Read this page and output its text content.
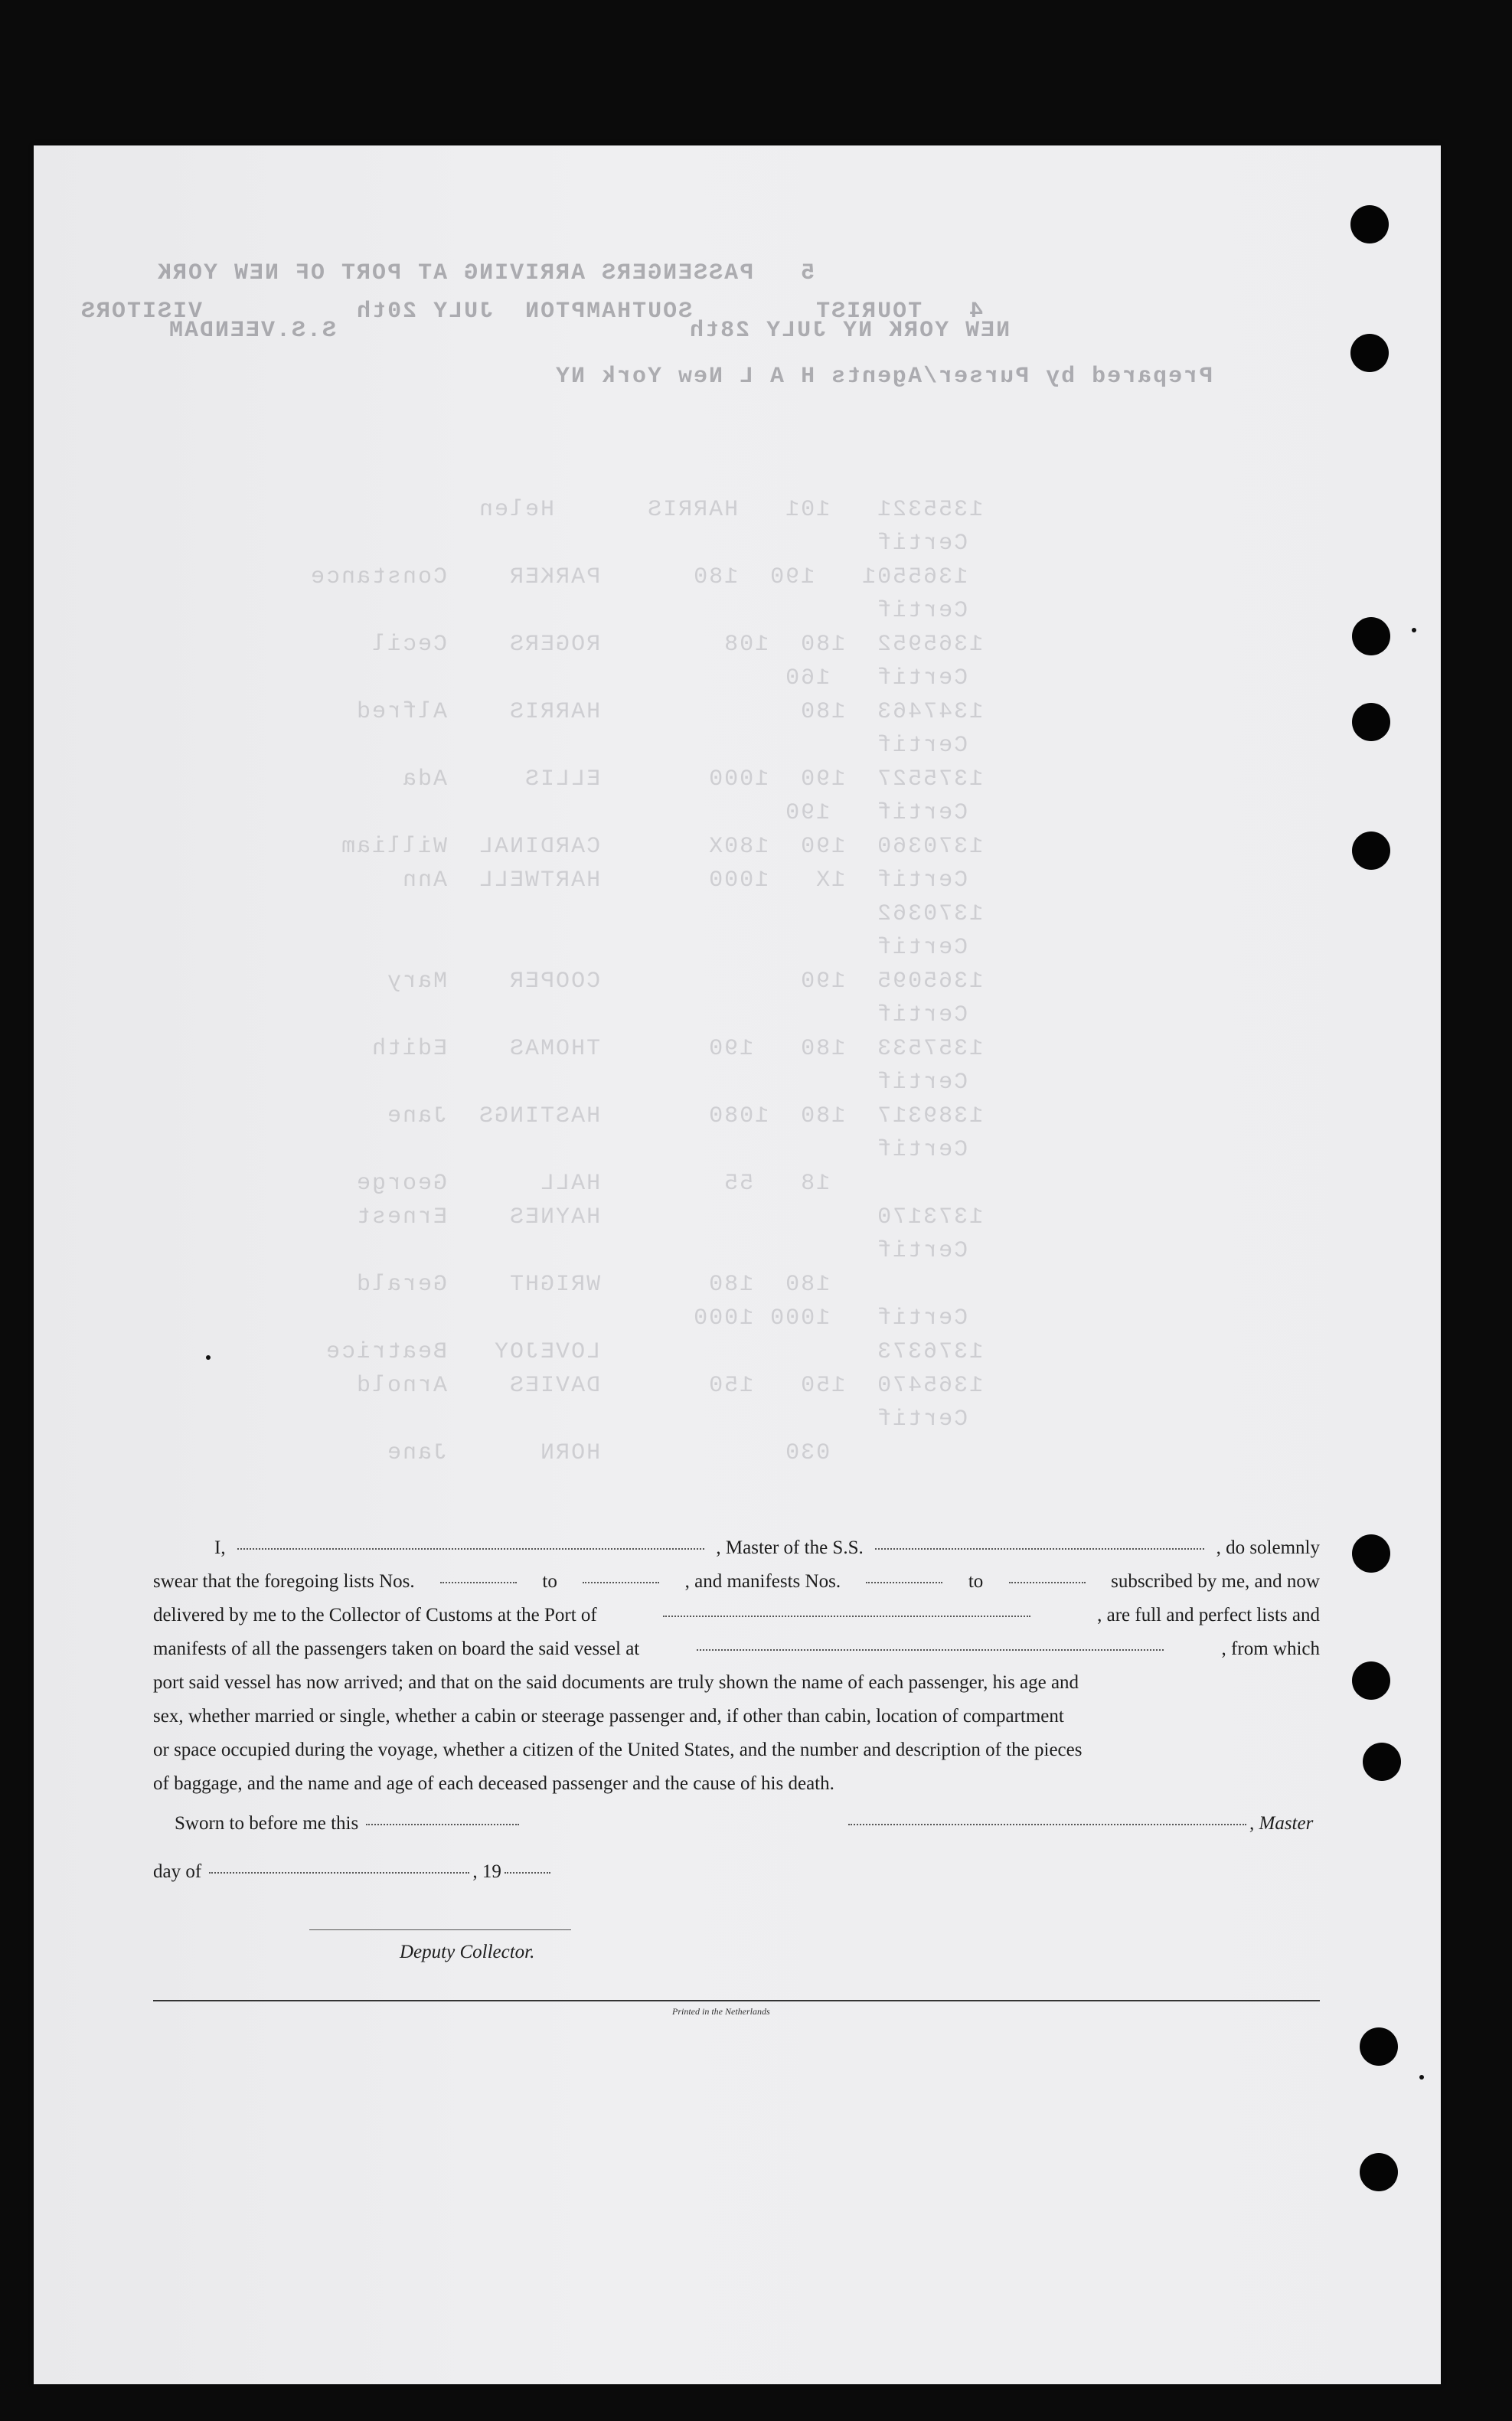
5   PASSENGERS ARRIVING AT PORT OF NEW YORK
4   TOURIST        SOUTHAMPTON  JULY 20th          VISITORS
NEW YORK NY JULY 28th                       S.S.VEENDAM
Prepared by Purser/Agents H A L New York NY

1355321   101   HARRIS      Helen
Certif
1365501   190  180      PARKER    Constance
Certif
1365952  180  108        ROGERS    Cecil
Certif   160
1347463  180             HARRIS    Alfred
Certif
1375527  190  1000       ELLIS     Ada
Certif   190
1370360  190  180X       CARDINAL  William
Certif  1X   1000       HARTWELL  Ann
1370362
Certif
1365095  190             COOPER    Mary
Certif
1357533  180   190       THOMAS    Edith
Certif
1389317  180  1080       HASTINGS  Jane
Certif
18   55        HALL      George
1373170                  HAYNES    Ernest
Certif
180  180       WRIGHT    Gerald
Certif   1000 1000
1376373                  LOVEJOY   Beatrice
1365470  150   150       DAVIES    Arnold
Certif
030            HORN      Jane
I,	, Master of the S.S.	, do solemnly
swear that the foregoing lists Nos.	to	, and manifests Nos.	to	subscribed by me, and now
delivered by me to the Collector of Customs at the Port of	, are full and perfect lists and
manifests of all the passengers taken on board the said vessel at	, from which
port said vessel has now arrived; and that on the said documents are truly shown the name of each passenger, his age and
sex, whether married or single, whether a cabin or steerage passenger and, if other than cabin, location of compartment
or space occupied during the voyage, whether a citizen of the United States, and the number and description of the pieces
of baggage, and the name and age of each deceased passenger and the cause of his death.
Sworn to before me this	, Master
day of	, 19
Deputy Collector.
Printed in the Netherlands
